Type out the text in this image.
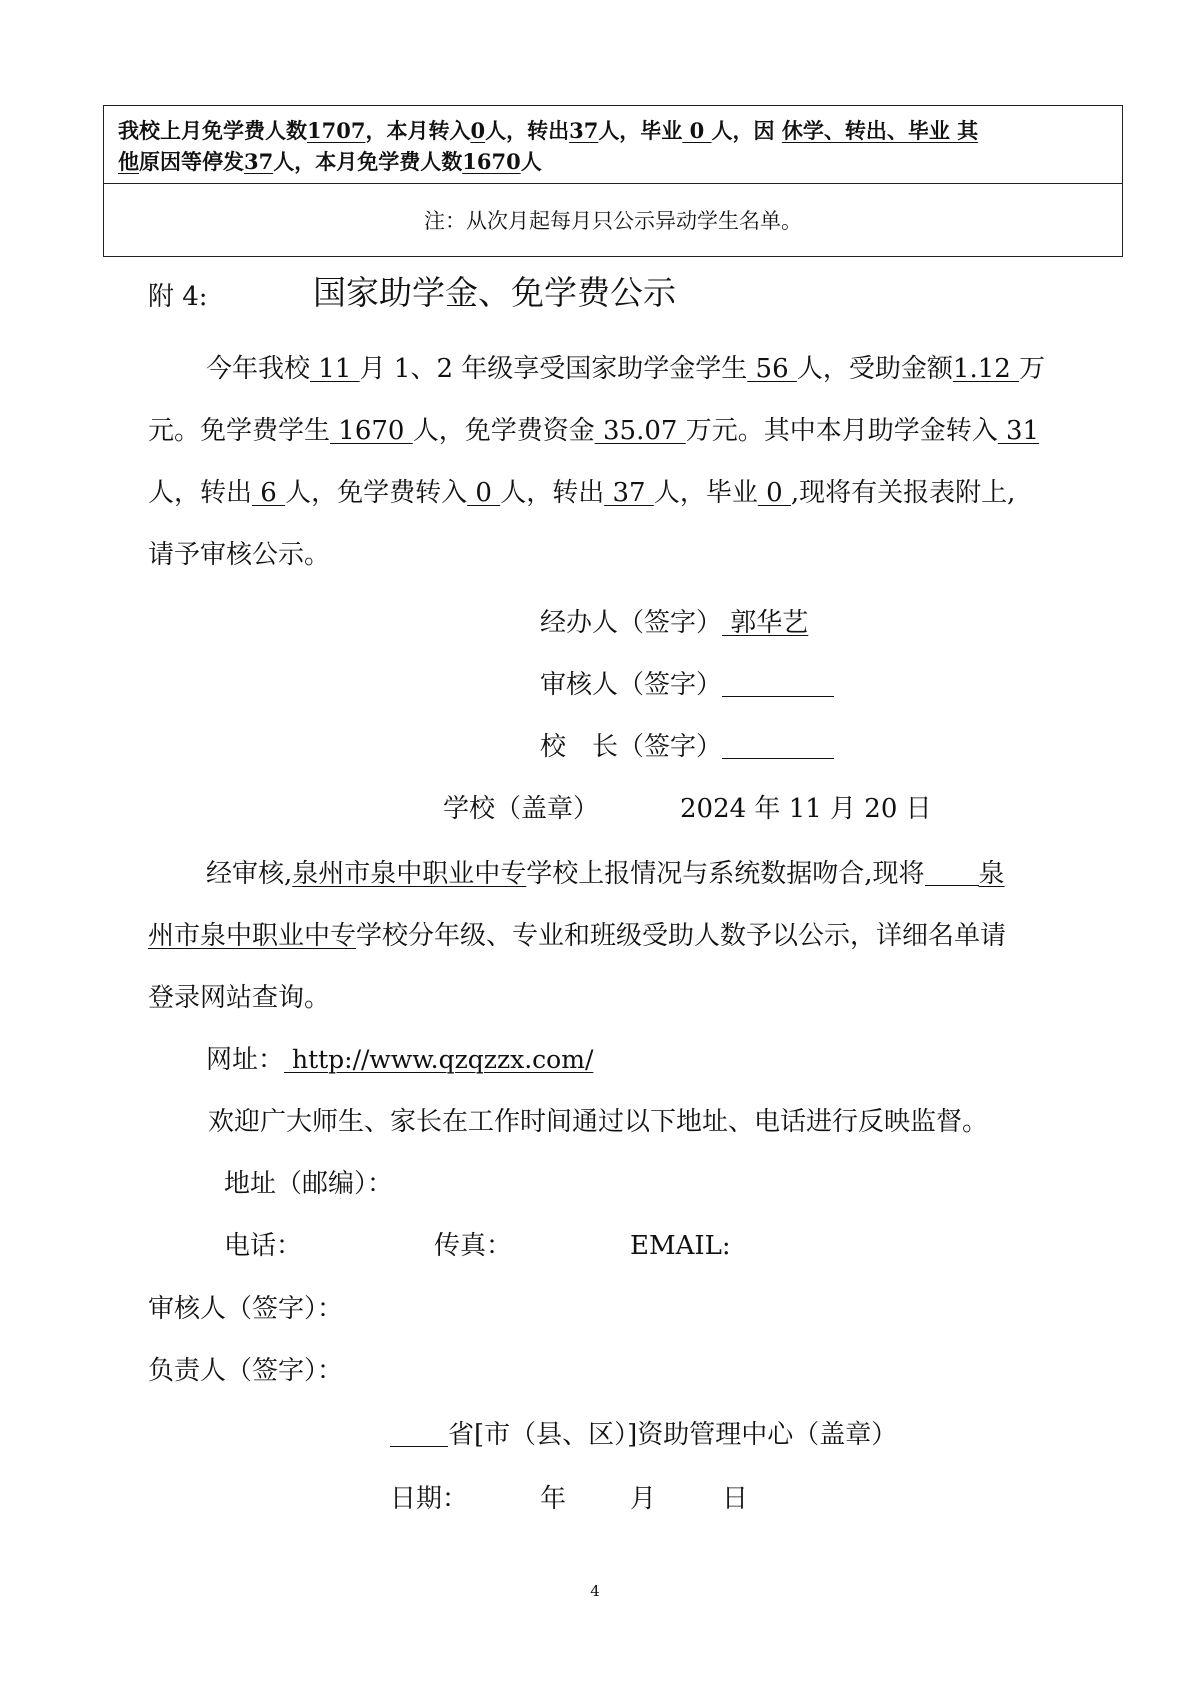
我校上月免学费人数1707，本月转入0人，转出37人，毕业 0 人，因 休学、转出、毕业 其
他原因等停发37人，本月免学费人数1670人
注：从次月起每月只公示异动学生名单。
附 4:	国家助学金、免学费公示
今年我校 11 月 1、2 年级享受国家助学金学生 56 人，受助金额1.12 万
元。免学费学生 1670 人，免学费资金 35.07 万元。其中本月助学金转入 31
人，转出 6 人，免学费转入 0 人，转出 37 人，毕业 0 ,现将有关报表附上,
请予审核公示。
经办人（签字） 郭华艺
审核人（签字）
校　长（签字）
学校（盖章）	2024 年 11 月 20 日
经审核,泉州市泉中职业中专学校上报情况与系统数据吻合,现将 泉
州市泉中职业中专学校分年级、专业和班级受助人数予以公示，详细名单请
登录网站查询。
网址： http://www.qzqzzx.com/
欢迎广大师生、家长在工作时间通过以下地址、电话进行反映监督。
地址（邮编）：
电话：	传真：	EMAIL:
审核人（签字）：
负责人（签字）：
省[市（县、区）]资助管理中心（盖章）
日期：	年 月	日
4
